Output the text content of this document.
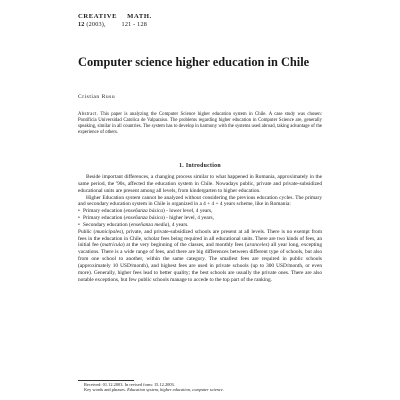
CREATIVE MATH.
12 (2003),	121 - 128
Computer science higher education in Chile
Cristian Rusu

Abstract. This paper is analyzing the Computer Science higher education system in Chile. A case study was chosen: Pontificia Universidad Catolica de Valparaiso. The problems regarding higher education in Computer Science are, generally speaking, similar in all countries. The system has to develop in harmony with the systems used abroad, taking advantage of the experience of others.

1. Introduction

Beside important differences, a changing process similar to what happened in Romania, approximately in the same period, the '90s, affected the education system in Chile. Nowadays public, private and private-subsidized educational units are present among all levels, from kindergarten to higher education.

Higher Education system cannot be analyzed without considering the previous education cycles. The primary and secondary education system in Chile is organized in a 4 + 4 + 4 years scheme, like in Romania:

• Primary education (enseñanza básica) - lower level, 4 years,
• Primary education (enseñanza básica) - higher level, 4 years,
• Secondary education (enseñanza media), 4 years.

Public (municipales), private, and private-subsidized schools are present at all levels. There is no exempt from fees in the education in Chile, scholar fees being required in all educational units. There are two kinds of fees, an initial fee (matricula) at the very beginning of the classes, and monthly fees (aranceles) all year long, excepting vacations. There is a wide range of fees, and there are big differences between different type of schools, but also from one school to another, within the same category. The smallest fees are required in public schools (approximately 10 USD/month), and highest fees are used in private schools (up to 300 USD/month, or even more). Generally, higher fees lead to better quality; the best schools are usually the private ones. There are also notable exceptions, but few public schools manage to accede to the top part of the ranking.

Received: 01.12.2003. In revised form: 15.12.2003.
Key words and phrases. Education system, higher education, computer science.
